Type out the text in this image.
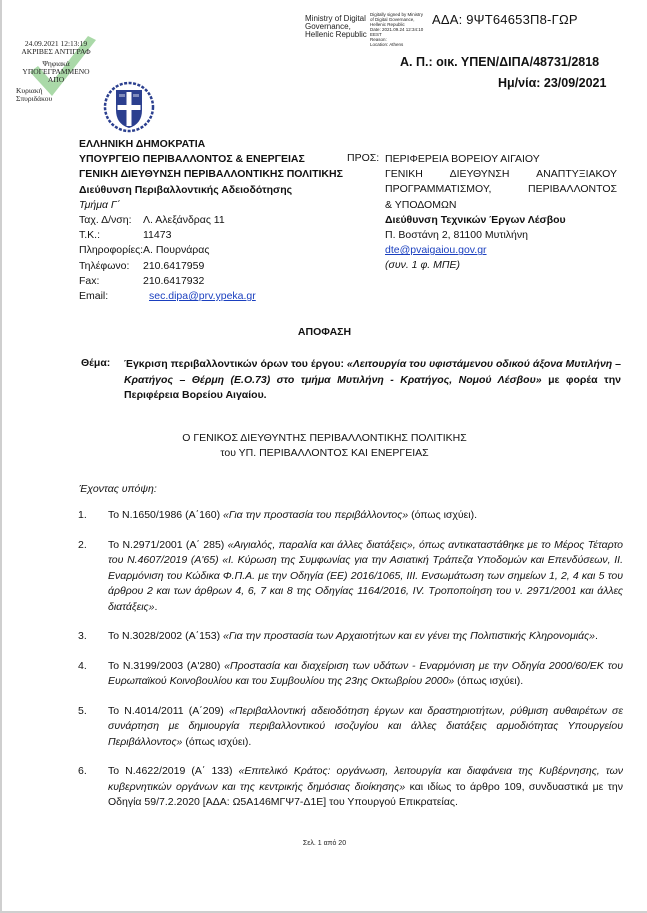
24.09.2021 12:13:19
ΑΚΡΙΒΕΣ ΑΝΤΙΓΡΑΦ
Ψηφιακά
ΥΠΟΓΕΓΡΑΜΜΕΝΟ
ΑΠΟ
Κυριακή
Σπυριδάκου
Ministry of Digital
Governance,
Hellenic Republic
Digitally signed by Ministry
of Digital Governance,
Hellenic Republic
Date: 2021.09.24 12:34:10
EEST
Reason:
Location: Athens
ΑΔΑ: 9ΨΤ64653Π8-ΓΩΡ
Α. Π.: οικ. ΥΠΕΝ/ΔΙΠΑ/48731/2818
Ημ/νία: 23/09/2021
ΕΛΛΗΝΙΚΗ ΔΗΜΟΚΡΑΤΙΑ
ΥΠΟΥΡΓΕΙΟ ΠΕΡΙΒΑΛΛΟΝΤΟΣ & ΕΝΕΡΓΕΙΑΣ
ΓΕΝΙΚΗ ΔΙΕΥΘΥΝΣΗ ΠΕΡΙΒΑΛΛΟΝΤΙΚΗΣ ΠΟΛΙΤΙΚΗΣ
Διεύθυνση Περιβαλλοντικής Αδειοδότησης
Τμήμα Γ΄
Ταχ. Δ/νση:	Λ. Αλεξάνδρας 11
Τ.Κ.:	11473
Πληροφορίες: Α. Πουρνάρας
Τηλέφωνο:	210.6417959
Fax:	210.6417932
Email:	sec.dipa@prv.ypeka.gr
ΠΡΟΣ: ΠΕΡΙΦΕΡΕΙΑ ΒΟΡΕΙΟΥ ΑΙΓΑΙΟΥ
ΓΕΝΙΚΗ ΔΙΕΥΘΥΝΣΗ ΑΝΑΠΤΥΞΙΑΚΟΥ
ΠΡΟΓΡΑΜΜΑΤΙΣΜΟΥ, ΠΕΡΙΒΑΛΛΟΝΤΟΣ
& ΥΠΟΔΟΜΩΝ
Διεύθυνση Τεχνικών Έργων Λέσβου
Π. Βοστάνη 2, 81100 Μυτιλήνη
dte@pvaigaiou.gov.gr
(συν. 1 φ. ΜΠΕ)
ΑΠΟΦΑΣΗ
Θέμα: Έγκριση περιβαλλοντικών όρων του έργου: «Λειτουργία του υφιστάμενου οδικού άξονα Μυτιλήνη – Κρατήγος – Θέρμη (Ε.Ο.73) στο τμήμα Μυτιλήνη - Κρατήγος, Νομού Λέσβου» με φορέα την Περιφέρεια Βορείου Αιγαίου.
Ο ΓΕΝΙΚΟΣ ΔΙΕΥΘΥΝΤΗΣ ΠΕΡΙΒΑΛΛΟΝΤΙΚΗΣ ΠΟΛΙΤΙΚΗΣ
του ΥΠ. ΠΕΡΙΒΑΛΛΟΝΤΟΣ ΚΑΙ ΕΝΕΡΓΕΙΑΣ
Έχοντας υπόψη:
1.	Το Ν.1650/1986 (Α΄160) «Για την προστασία του περιβάλλοντος» (όπως ισχύει).
2.	Το Ν.2971/2001 (Α΄ 285) «Αιγιαλός, παραλία και άλλες διατάξεις», όπως αντικαταστάθηκε με το Μέρος Τέταρτο του Ν.4607/2019 (Α'65) «Ι. Κύρωση της Συμφωνίας για την Ασιατική Τράπεζα Υποδομών και Επενδύσεων, ΙΙ. Εναρμόνιση του Κώδικα Φ.Π.Α. με την Οδηγία (ΕΕ) 2016/1065, ΙΙΙ. Ενσωμάτωση των σημείων 1, 2, 4 και 5 του άρθρου 2 και των άρθρων 4, 6, 7 και 8 της Οδηγίας 1164/2016, IV. Τροποποίηση του ν. 2971/2001 και άλλες διατάξεις».
3.	Το Ν.3028/2002 (Α΄153) «Για την προστασία των Αρχαιοτήτων και εν γένει της Πολιτιστικής Κληρονομιάς».
4.	Το Ν.3199/2003 (Α'280) «Προστασία και διαχείριση των υδάτων - Εναρμόνιση με την Οδηγία 2000/60/ΕΚ του Ευρωπαϊκού Κοινοβουλίου και του Συμβουλίου της 23ης Οκτωβρίου 2000» (όπως ισχύει).
5.	Το Ν.4014/2011 (Α΄209) «Περιβαλλοντική αδειοδότηση έργων και δραστηριοτήτων, ρύθμιση αυθαιρέτων σε συνάρτηση με δημιουργία περιβαλλοντικού ισοζυγίου και άλλες διατάξεις αρμοδιότητας Υπουργείου Περιβάλλοντος» (όπως ισχύει).
6.	Το Ν.4622/2019 (Α΄ 133) «Επιτελικό Κράτος: οργάνωση, λειτουργία και διαφάνεια της Κυβέρνησης, των κυβερνητικών οργάνων και της κεντρικής δημόσιας διοίκησης» και ιδίως το άρθρο 109, συνδυαστικά με την Οδηγία 59/7.2.2020 [ΑΔΑ: Ω5Α146ΜΓΨ7-Δ1Ε] του Υπουργού Επικρατείας.
Σελ. 1 από 20
